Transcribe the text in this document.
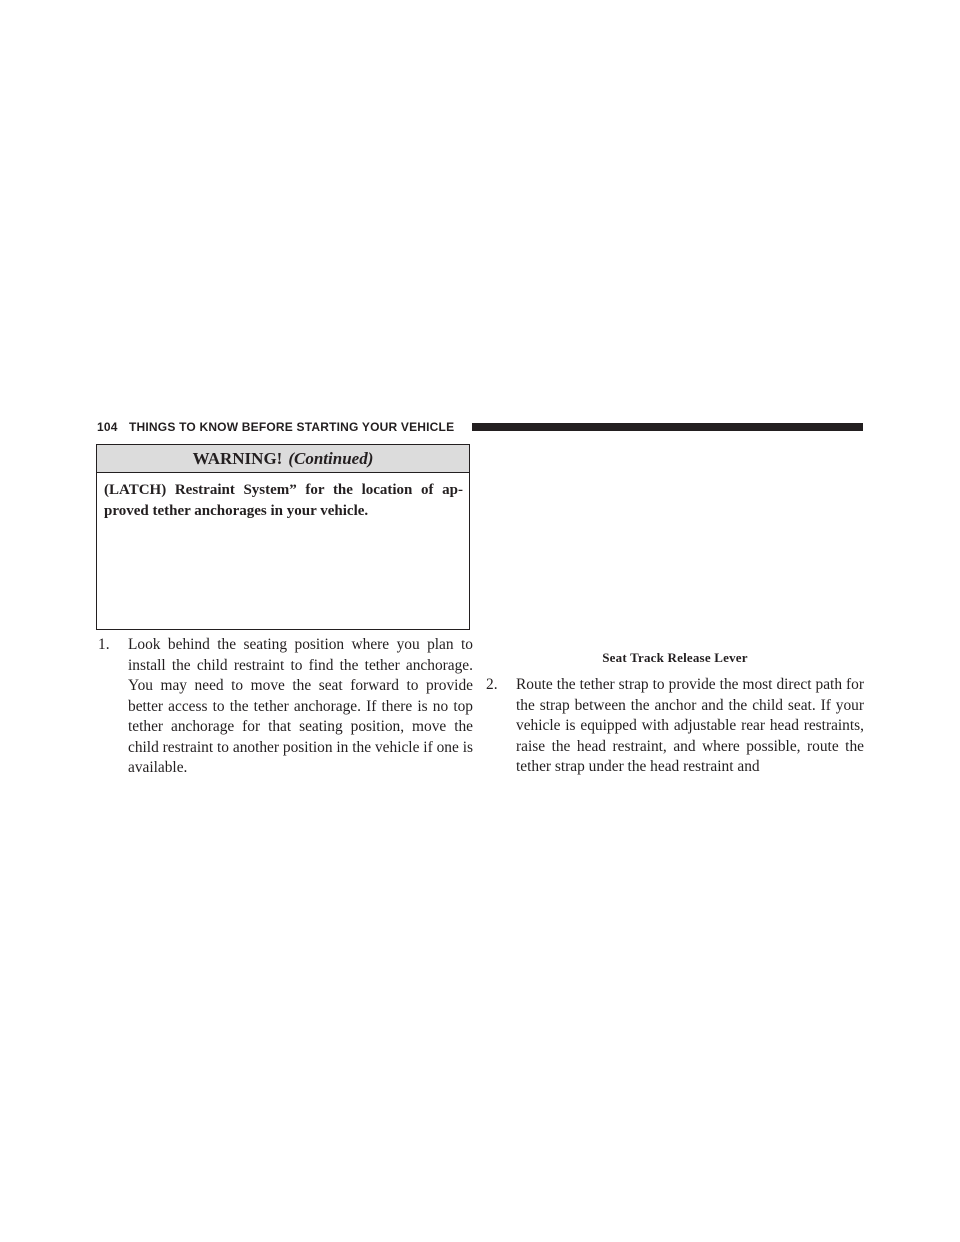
104 THINGS TO KNOW BEFORE STARTING YOUR VEHICLE
WARNING! (Continued)
(LATCH) Restraint System” for the location of ap- proved tether anchorages in your vehicle.
1. Look behind the seating position where you plan to install the child restraint to find the tether anchorage. You may need to move the seat forward to provide better access to the tether anchorage. If there is no top tether anchorage for that seating position, move the child restraint to another position in the vehicle if one is available.
Seat Track Release Lever
2. Route the tether strap to provide the most direct path for the strap between the anchor and the child seat. If your vehicle is equipped with adjustable rear head restraints, raise the head restraint, and where possible, route the tether strap under the head restraint and
